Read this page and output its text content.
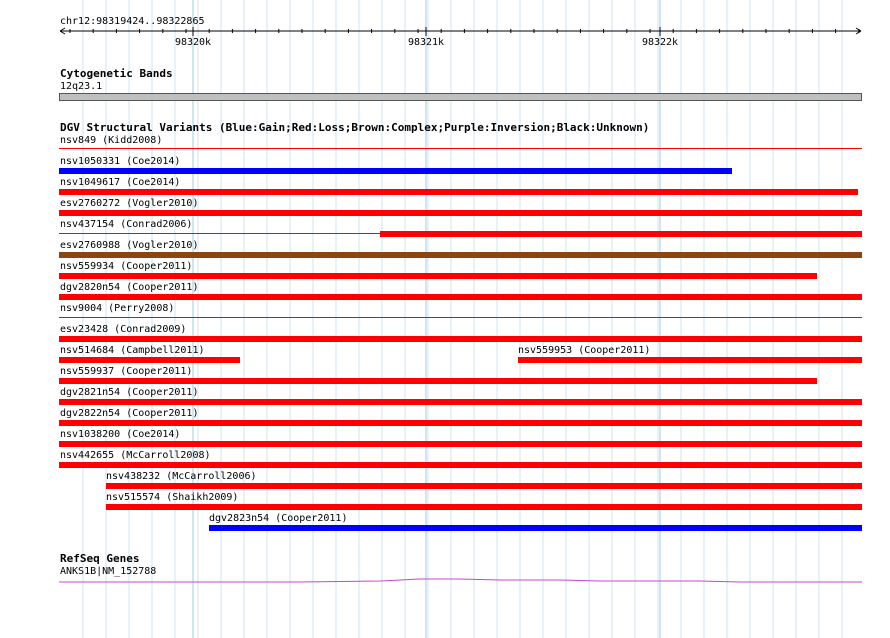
98320k	98321k	98322k
chr12:98319424..98322865
Cytogenetic Bands
12q23.1
DGV Structural Variants (Blue:Gain;Red:Loss;Brown:Complex;Purple:Inversion;Black:Unknown)
nsv849 (Kidd2008)
nsv1050331 (Coe2014)
nsv1049617 (Coe2014)
esv2760272 (Vogler2010)
nsv437154 (Conrad2006)
esv2760988 (Vogler2010)
nsv559934 (Cooper2011)
dgv2820n54 (Cooper2011)
nsv9004 (Perry2008)
esv23428 (Conrad2009)
nsv514684 (Campbell2011)	nsv559953 (Cooper2011)
nsv559937 (Cooper2011)
dgv2821n54 (Cooper2011)
dgv2822n54 (Cooper2011)
nsv1038200 (Coe2014)
nsv442655 (McCarroll2008)
nsv438232 (McCarroll2006)
nsv515574 (Shaikh2009)
dgv2823n54 (Cooper2011)
RefSeq Genes
ANKS1B|NM_152788
